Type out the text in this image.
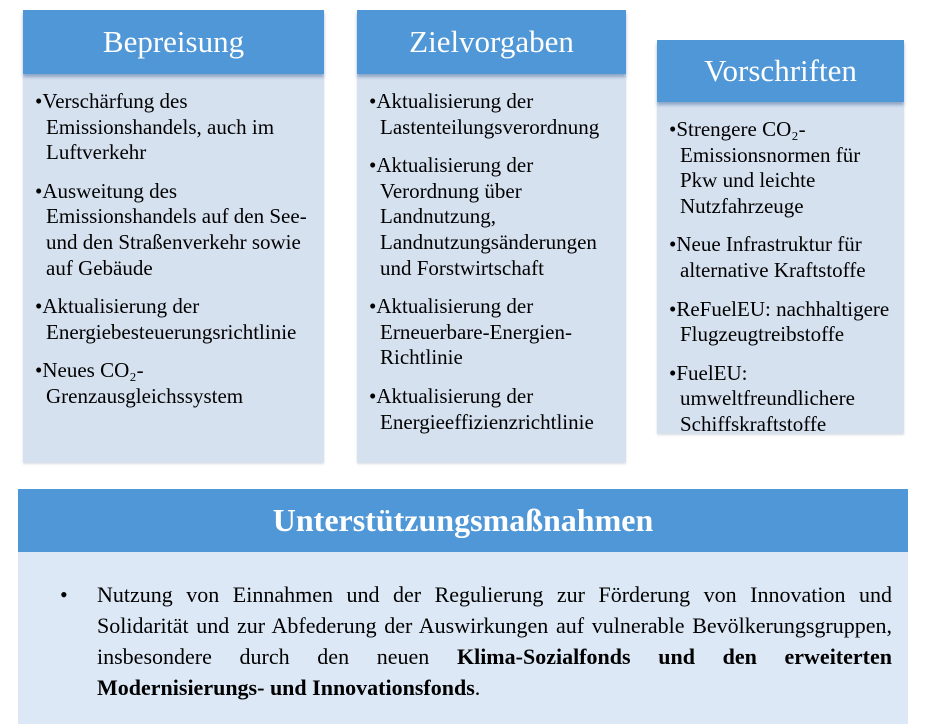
Bepreisung
• Verschärfung des Emissionshandels, auch im Luftverkehr
• Ausweitung des Emissionshandels auf den See- und den Straßenverkehr sowie auf Gebäude
• Aktualisierung der Energiebesteuerungsrichtlinie
• Neues CO₂-Grenzausgleichssystem
Zielvorgaben
• Aktualisierung der Lastenteilungsverordnung
• Aktualisierung der Verordnung über Landnutzung, Landnutzungsänderungen und Forstwirtschaft
• Aktualisierung der Erneuerbare-Energien-Richtlinie
• Aktualisierung der Energieeffizienzrichtlinie
Vorschriften
• Strengere CO₂-Emissionsnormen für Pkw und leichte Nutzfahrzeuge
• Neue Infrastruktur für alternative Kraftstoffe
• ReFuelEU: nachhaltigere Flugzeugtreibstoffe
• FuelEU: umweltfreundlichere Schiffskraftstoffe
Unterstützungsmaßnahmen
• Nutzung von Einnahmen und der Regulierung zur Förderung von Innovation und Solidarität und zur Abfederung der Auswirkungen auf vulnerable Bevölkerungsgruppen, insbesondere durch den neuen Klima-Sozialfonds und den erweiterten Modernisierungs- und Innovationsfonds.
